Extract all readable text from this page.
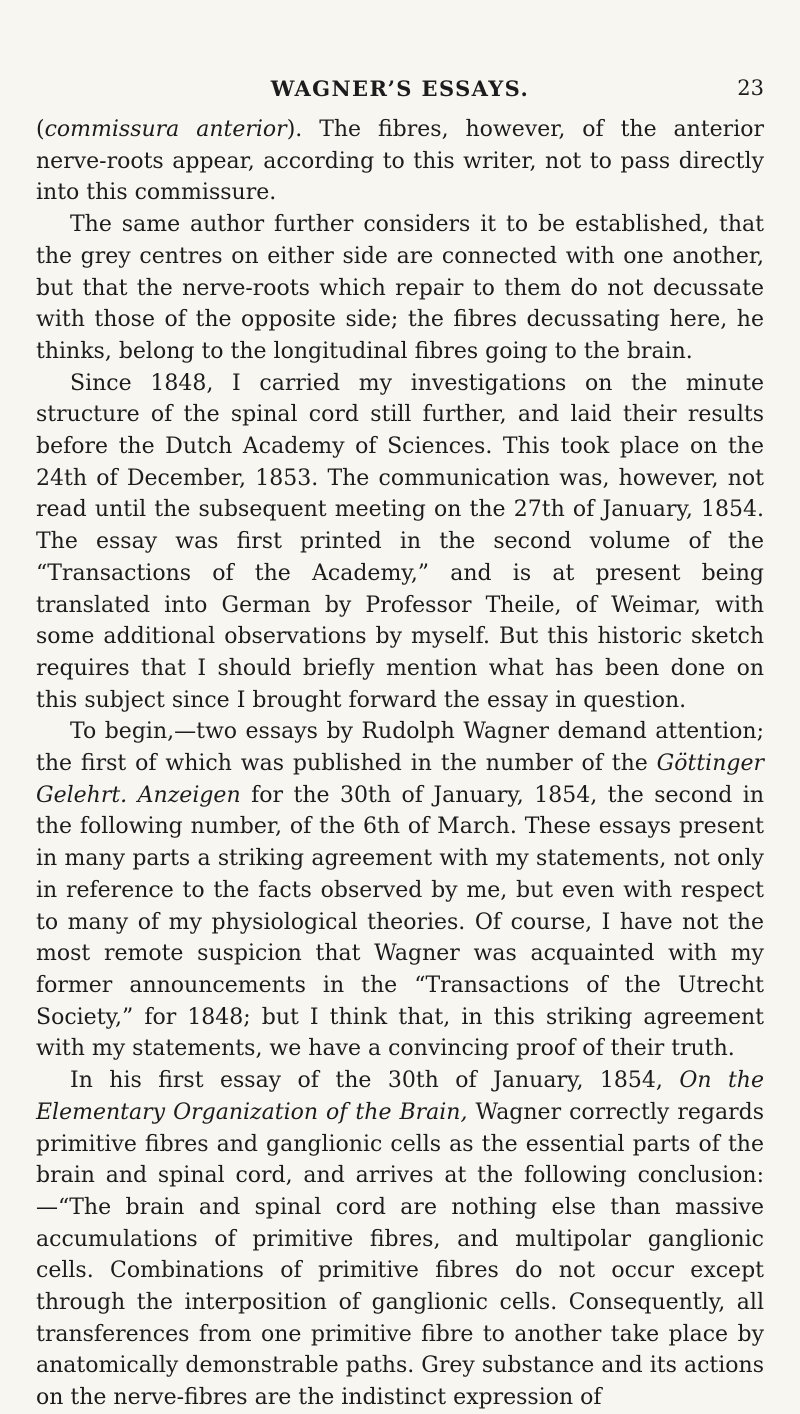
WAGNER’S ESSAYS.	23

(commissura anterior). The fibres, however, of the anterior nerve-roots appear, according to this writer, not to pass directly into this commissure.

The same author further considers it to be established, that the grey centres on either side are connected with one another, but that the nerve-roots which repair to them do not decussate with those of the opposite side; the fibres decussating here, he thinks, belong to the longitudinal fibres going to the brain.

Since 1848, I carried my investigations on the minute structure of the spinal cord still further, and laid their results before the Dutch Academy of Sciences. This took place on the 24th of December, 1853. The communication was, however, not read until the subsequent meeting on the 27th of January, 1854. The essay was first printed in the second volume of the “Transactions of the Academy,” and is at present being translated into German by Professor Theile, of Weimar, with some additional observations by myself. But this historic sketch requires that I should briefly mention what has been done on this subject since I brought forward the essay in question.

To begin,—two essays by Rudolph Wagner demand attention; the first of which was published in the number of the Göttinger Gelehrt. Anzeigen for the 30th of January, 1854, the second in the following number, of the 6th of March. These essays present in many parts a striking agreement with my statements, not only in reference to the facts observed by me, but even with respect to many of my physiological theories. Of course, I have not the most remote suspicion that Wagner was acquainted with my former announcements in the “Transactions of the Utrecht Society,” for 1848; but I think that, in this striking agreement with my statements, we have a convincing proof of their truth.

In his first essay of the 30th of January, 1854, On the Elementary Organization of the Brain, Wagner correctly regards primitive fibres and ganglionic cells as the essential parts of the brain and spinal cord, and arrives at the following conclusion:—“The brain and spinal cord are nothing else than massive accumulations of primitive fibres, and multipolar ganglionic cells. Combinations of primitive fibres do not occur except through the interposition of ganglionic cells. Consequently, all transferences from one primitive fibre to another take place by anatomically demonstrable paths. Grey substance and its actions on the nerve-fibres are the indistinct expression of
